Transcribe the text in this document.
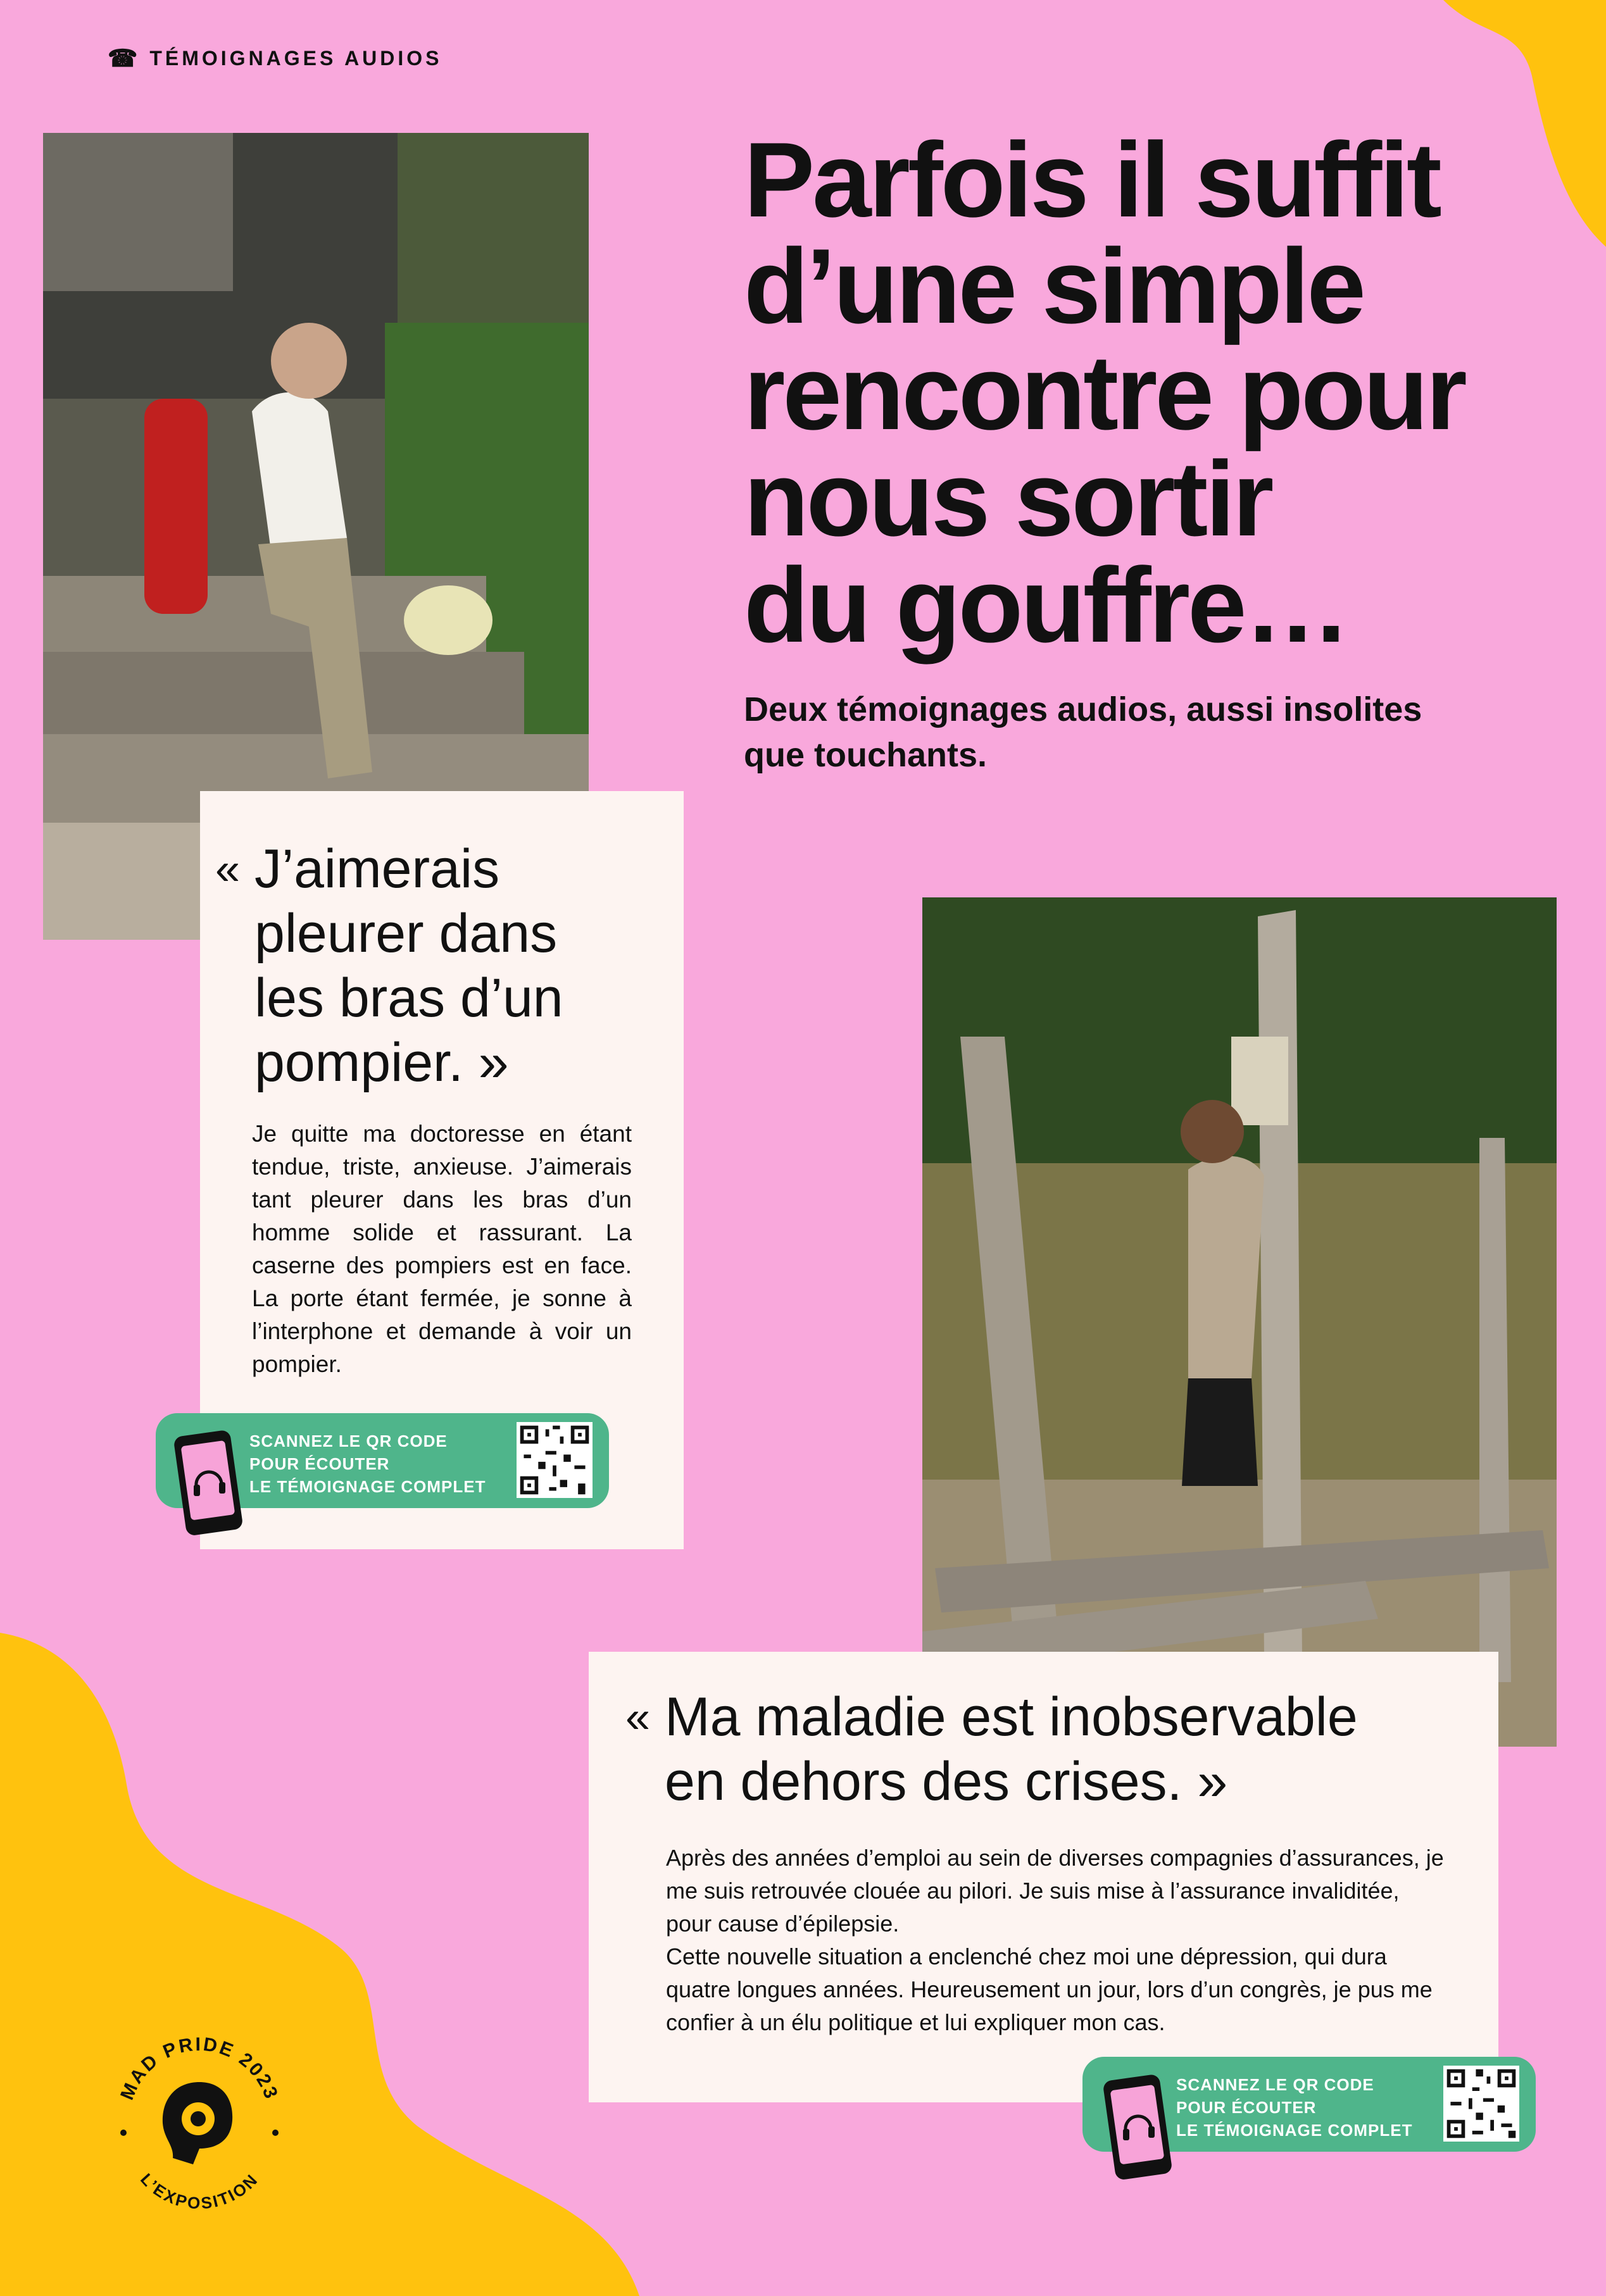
☎ TÉMOIGNAGES AUDIOS
Parfois il suffit
d’une simple
rencontre pour
nous sortir
du gouffre…
Deux témoignages audios, aussi insolites
que touchants.
« J’aimerais
pleurer dans
les bras d’un
pompier. »
Je quitte ma doctoresse en étant tendue, triste, anxieuse. J’aimerais tant pleurer dans les bras d’un homme solide et rassurant. La caserne des pompiers est en face. La porte étant fermée, je sonne à l’interphone et demande à voir un pompier.
SCANNEZ LE QR CODE
POUR ÉCOUTER
LE TÉMOIGNAGE COMPLET
« Ma maladie est inobservable
en dehors des crises. »
Après des années d’emploi au sein de diverses compagnies d’assurances, je me suis retrouvée clouée au pilori. Je suis mise à l’assurance invaliditée, pour cause d’épilepsie.
Cette nouvelle situation a enclenché chez moi une dépression, qui dura quatre longues années. Heureusement un jour, lors d’un congrès, je pus me confier à un élu politique et lui expliquer mon cas.
SCANNEZ LE QR CODE
POUR ÉCOUTER
LE TÉMOIGNAGE COMPLET
MAD PRIDE 2023
L’EXPOSITION
